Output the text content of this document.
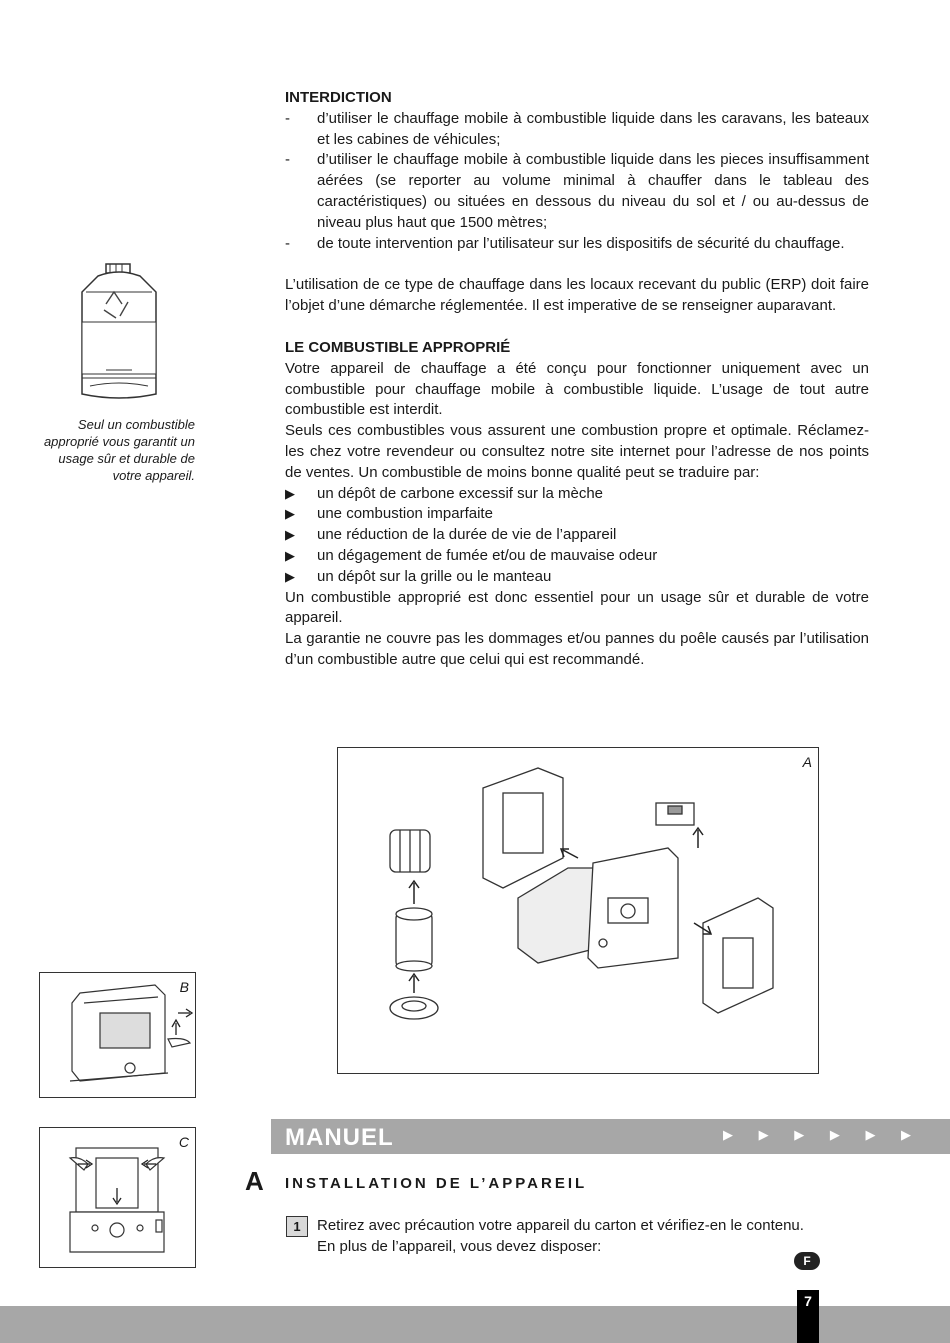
INTERDICTION

-	d’utiliser le chauffage mobile à combustible liquide dans les caravans, les bateaux et les cabines de véhicules;
-	d’utiliser le chauffage mobile à combustible liquide dans les pieces insuffisamment aérées (se reporter au volume minimal à chauffer dans le tableau des caractéristiques) ou situées en dessous du niveau du sol et / ou au-dessus de niveau plus haut que 1500 mètres;
-	de toute intervention par l’utilisateur sur les dispositifs de sécurité du chauffage.

L’utilisation de ce type de chauffage dans les locaux recevant du public (ERP) doit faire l’objet d’une démarche réglementée. Il est imperative de se renseigner auparavant.

LE COMBUSTIBLE APPROPRIÉ

Votre appareil de chauffage a été conçu pour fonctionner uniquement avec un combustible pour chauffage mobile à combustible liquide. L’usage de tout autre combustible est interdit.

Seuls ces combustibles vous assurent une combustion propre et optimale. Réclamez-les chez votre revendeur ou consultez notre site internet pour l’adresse de nos points de ventes. Un combustible de moins bonne qualité peut se traduire par:

▶	un dépôt de carbone excessif sur la mèche
▶	une combustion imparfaite
▶	une réduction de la durée de vie de l’appareil
▶	un dégagement de fumée et/ou de mauvaise odeur
▶	un dépôt sur la grille ou le manteau

Un combustible approprié est donc essentiel pour un usage sûr et durable de votre appareil.

La garantie ne couvre pas les dommages et/ou pannes du poêle causés par l’utilisation d’un combustible autre que celui qui est recommandé.

Seul un combustible approprié vous garantit un usage sûr et durable de votre appareil.
A
B
C	MANUEL	▶ ▶ ▶ ▶ ▶ ▶
A INSTALLATION DE L’APPAREIL
1	Retirez avec précaution votre appareil du carton et vérifiez-en le contenu.
En plus de l’appareil, vous devez disposer:
F
7
